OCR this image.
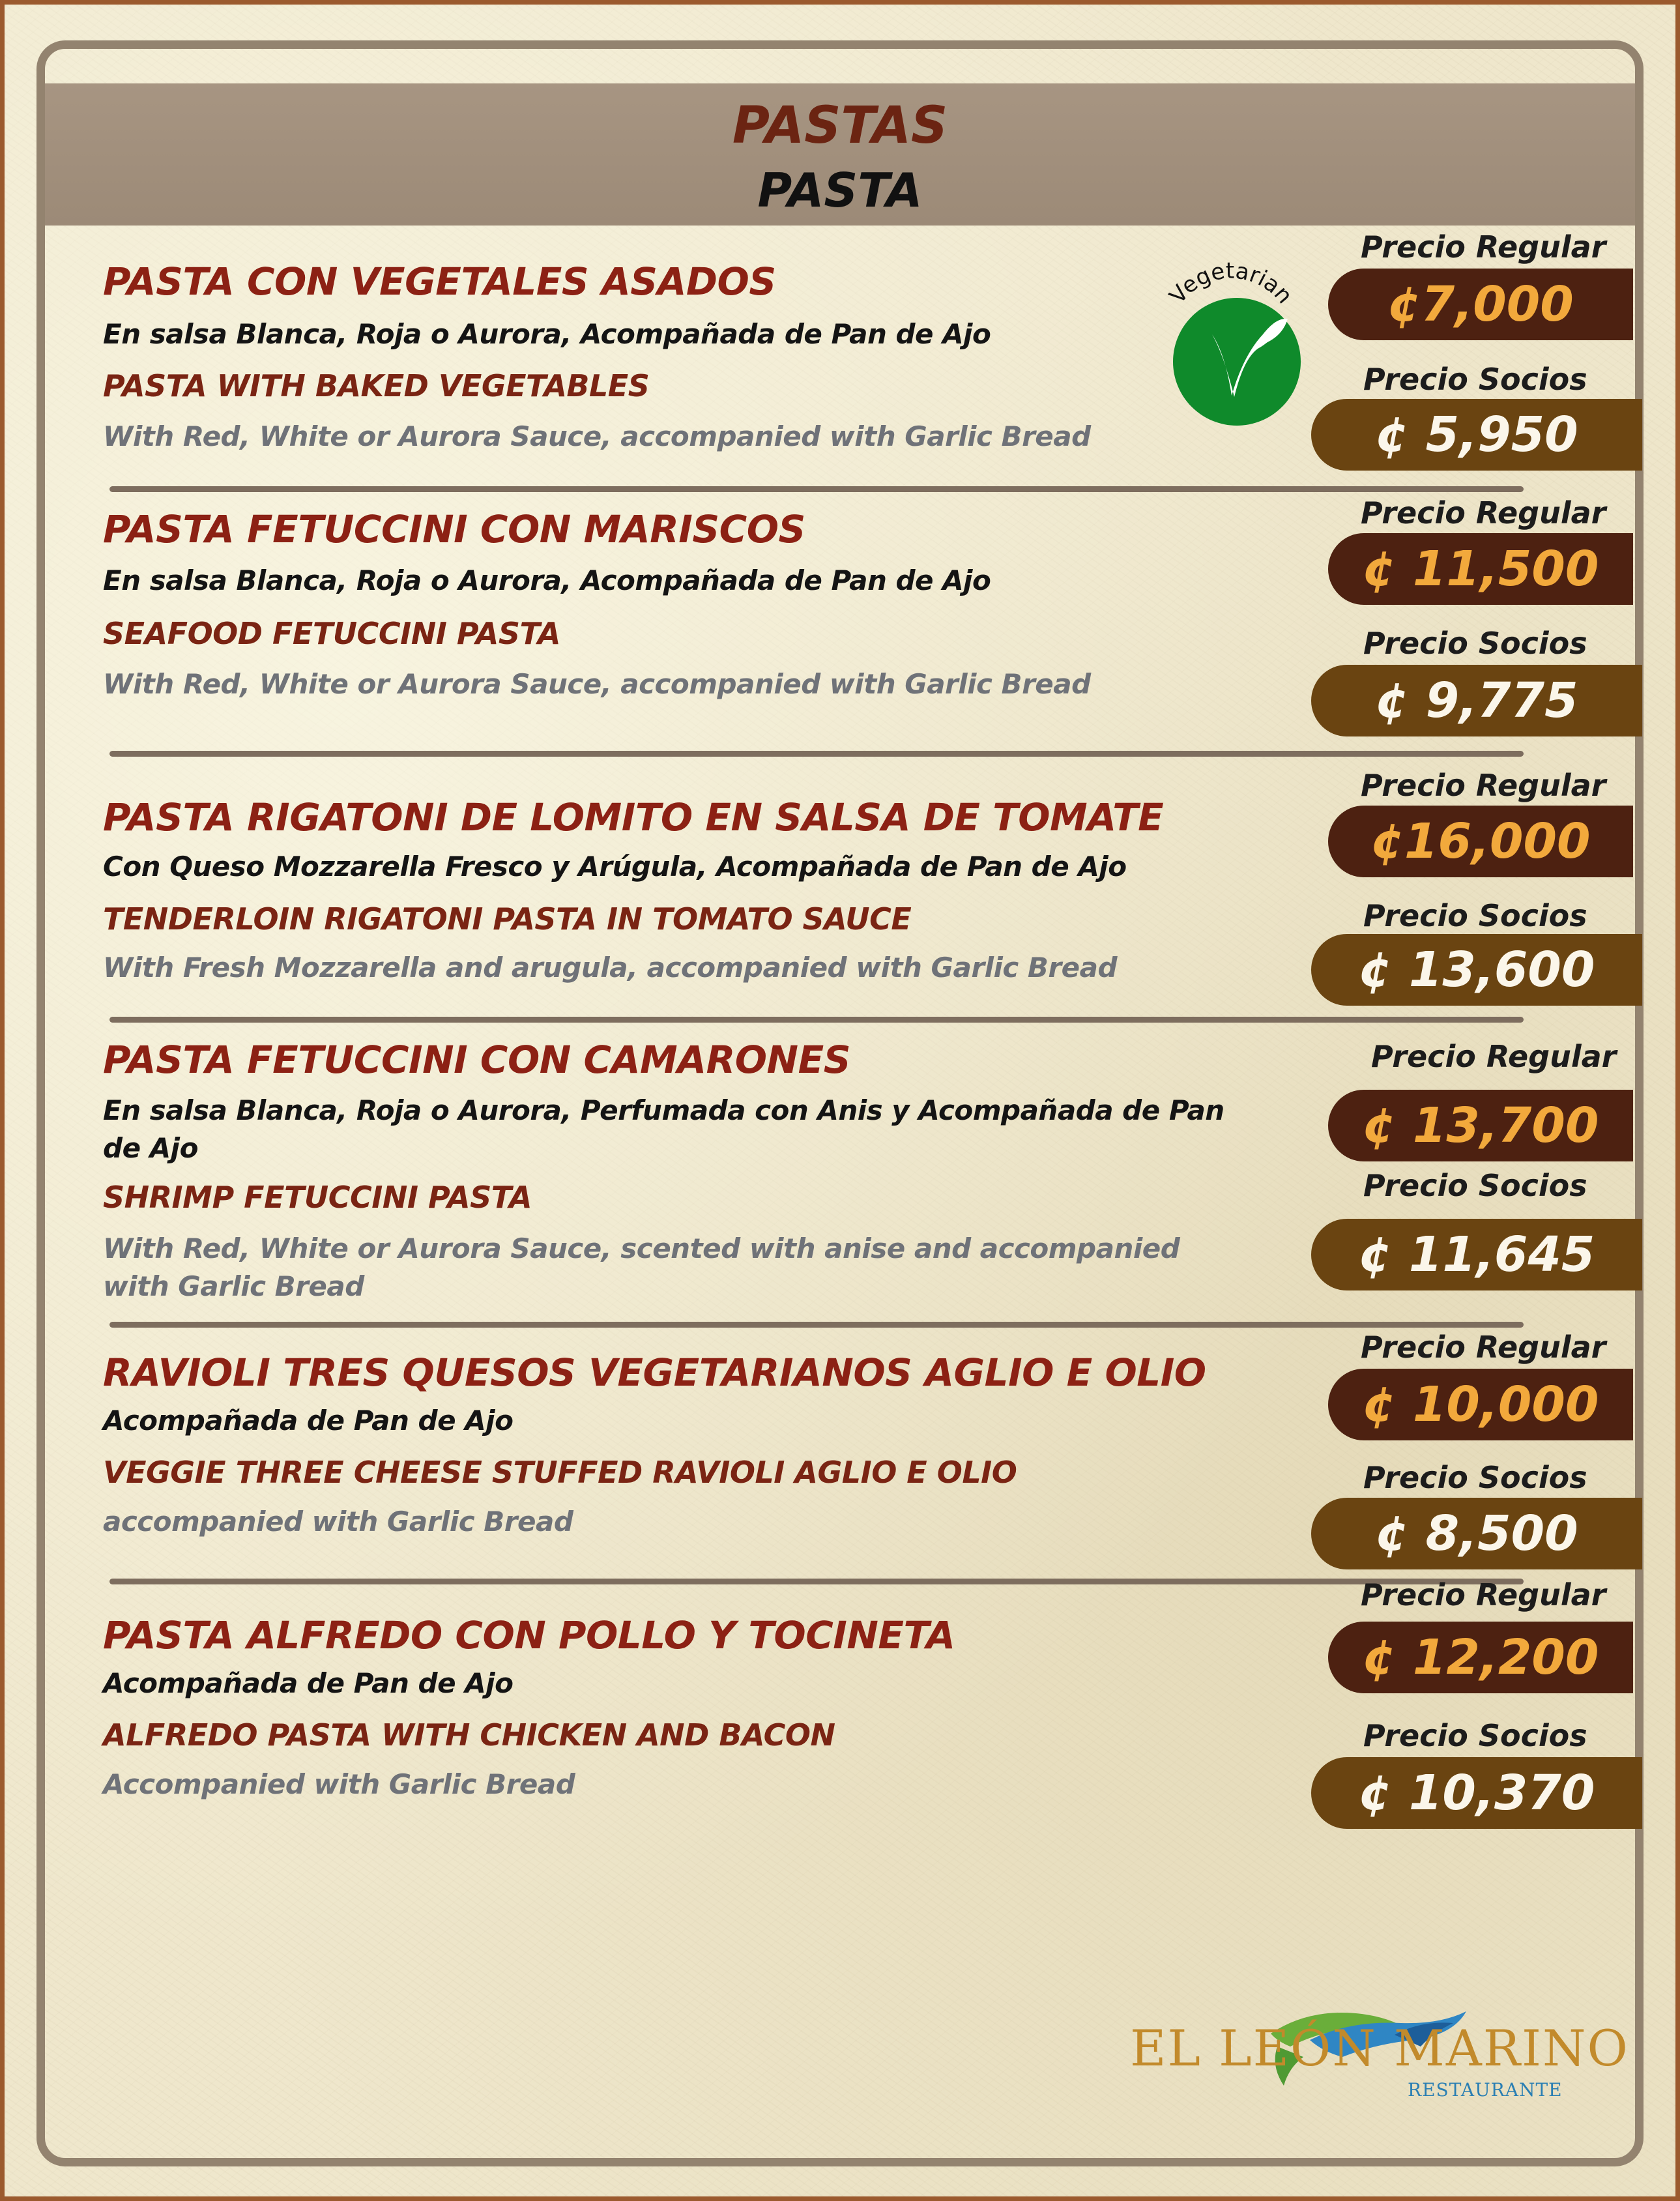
PASTAS
PASTA
Vegetarian
PASTA CON VEGETALES ASADOS
En salsa Blanca, Roja o Aurora, Acompañada de Pan de Ajo
PASTA WITH BAKED VEGETABLES
With Red, White or Aurora Sauce, accompanied with Garlic Bread
Precio Regular
¢7,000
Precio Socios
¢ 5,950
PASTA FETUCCINI CON MARISCOS
En salsa Blanca, Roja o Aurora, Acompañada de Pan de Ajo
SEAFOOD FETUCCINI PASTA
With Red, White or Aurora Sauce, accompanied with Garlic Bread
Precio Regular
¢ 11,500
Precio Socios
¢ 9,775
PASTA RIGATONI DE LOMITO EN SALSA DE TOMATE
Con Queso Mozzarella Fresco y Arúgula, Acompañada de Pan de Ajo
TENDERLOIN RIGATONI PASTA IN TOMATO SAUCE
With Fresh Mozzarella and arugula, accompanied with Garlic Bread
Precio Regular
¢16,000
Precio Socios
¢ 13,600
PASTA FETUCCINI CON CAMARONES
En salsa Blanca, Roja o Aurora, Perfumada con Anis y Acompañada de Pan de Ajo
SHRIMP FETUCCINI PASTA
With Red, White or Aurora Sauce, scented with anise and accompanied with Garlic Bread
Precio Regular
¢ 13,700
Precio Socios
¢ 11,645
RAVIOLI TRES QUESOS VEGETARIANOS AGLIO E OLIO
Acompañada de Pan de Ajo
VEGGIE THREE CHEESE STUFFED RAVIOLI AGLIO E OLIO
accompanied with Garlic Bread
Precio Regular
¢ 10,000
Precio Socios
¢ 8,500
PASTA ALFREDO CON POLLO Y TOCINETA
Acompañada de Pan de Ajo
ALFREDO PASTA WITH CHICKEN AND BACON
Accompanied with Garlic Bread
Precio Regular
¢ 12,200
Precio Socios
¢ 10,370
EL LEÓN MARINO
RESTAURANTE
